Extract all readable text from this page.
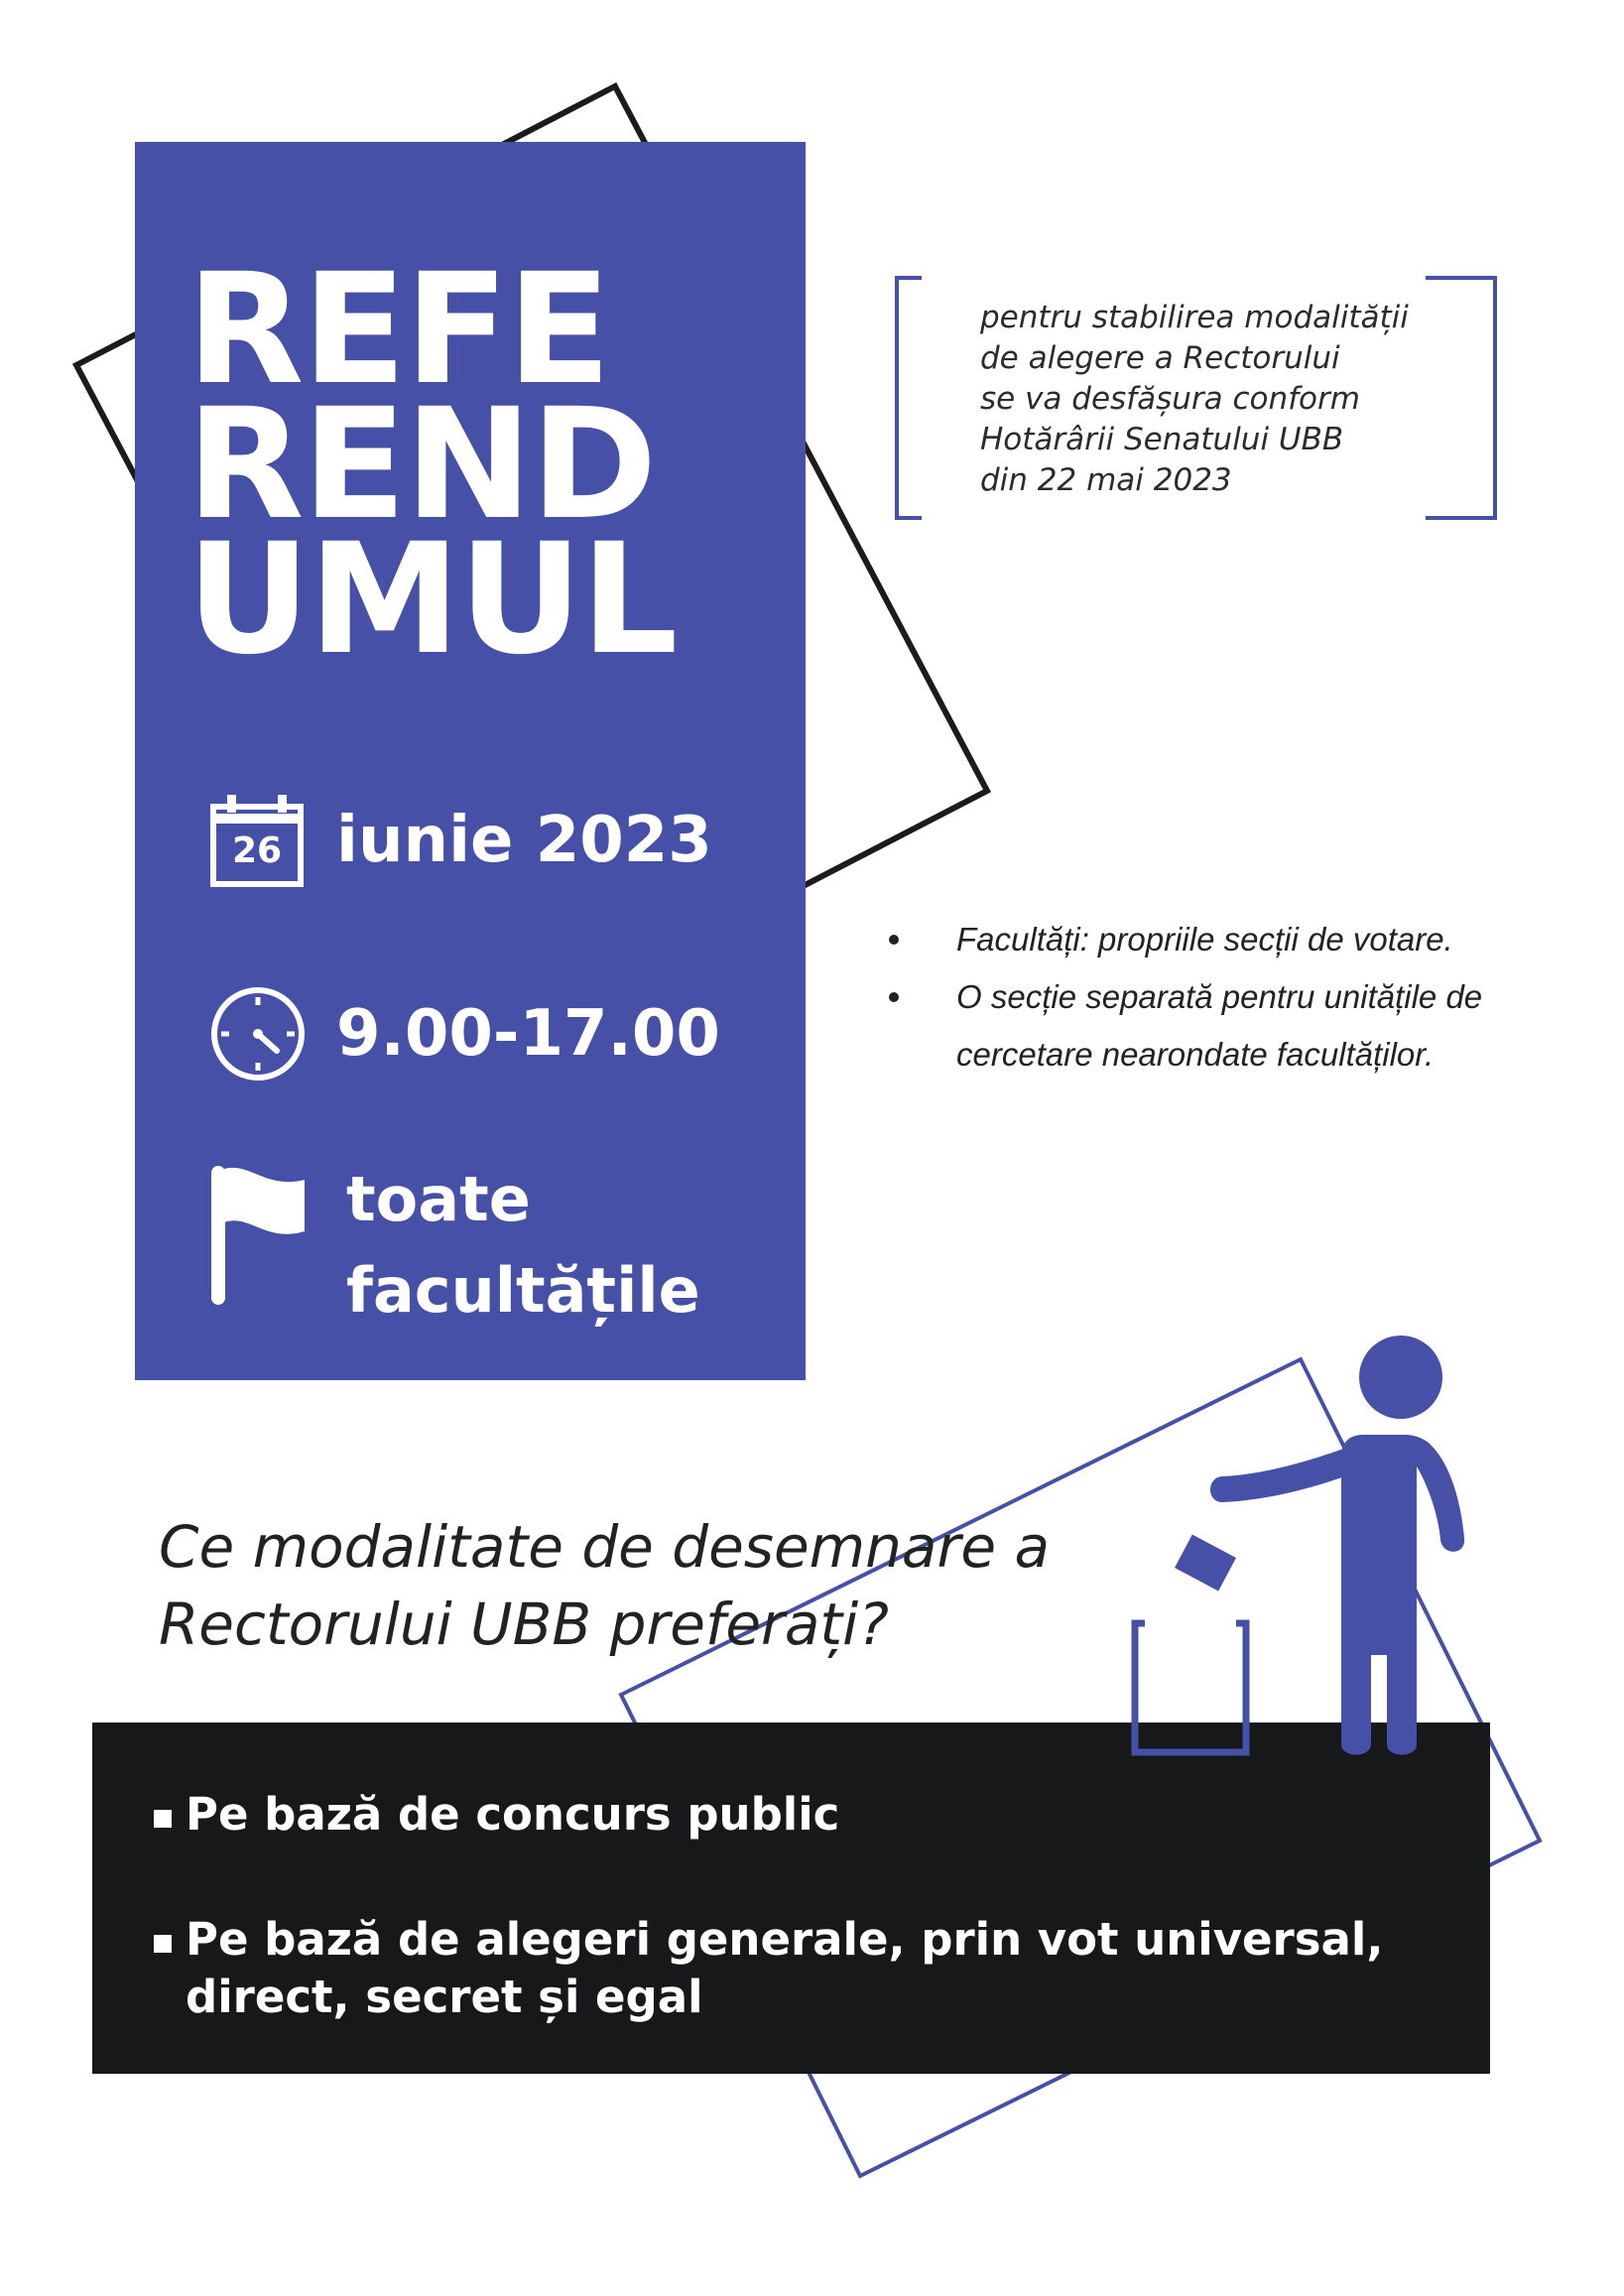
REFE
REND
UMUL
26 iunie 2023
9.00-17.00
toate
facultățile
pentru stabilirea modalității
de alegere a Rectorului
se va desfășura conform
Hotărârii Senatului UBB
din 22 mai 2023
Facultăți: propriile secții de votare.
O secție separată pentru unitățile de cercetare nearondate facultăților.
Ce modalitate de desemnare a
Rectorului UBB preferați?
Pe bază de concurs public
Pe bază de alegeri generale, prin vot universal, direct, secret și egal
